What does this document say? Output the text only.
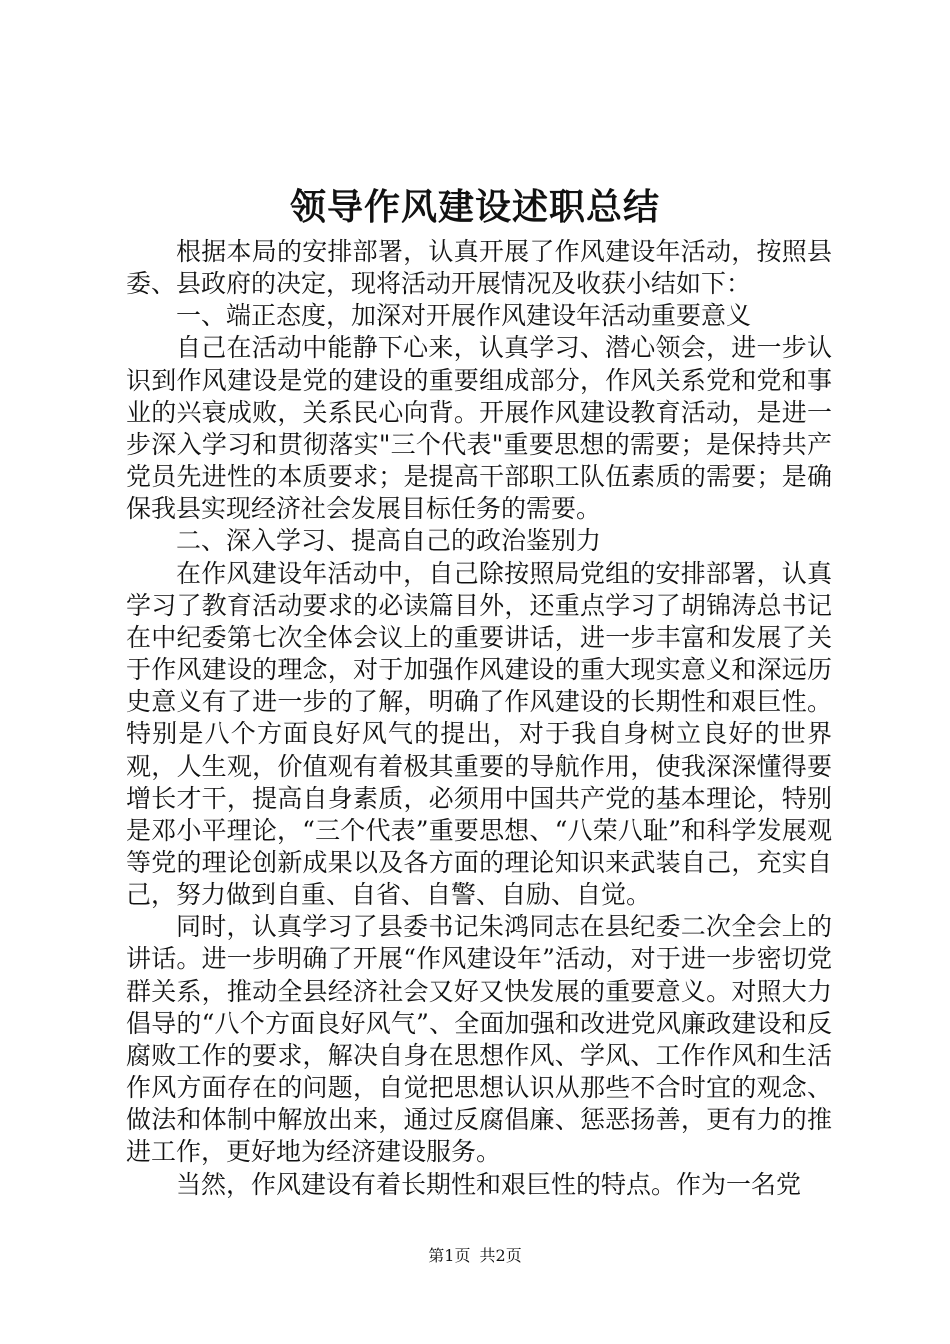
领导作风建设述职总结

根据本局的安排部署，认真开展了作风建设年活动，按照县委、县政府的决定，现将活动开展情况及收获小结如下：

一、端正态度，加深对开展作风建设年活动重要意义

自己在活动中能静下心来，认真学习、潜心领会，进一步认识到作风建设是党的建设的重要组成部分，作风关系党和党和事业的兴衰成败，关系民心向背。开展作风建设教育活动，是进一步深入学习和贯彻落实"三个代表"重要思想的需要；是保持共产党员先进性的本质要求；是提高干部职工队伍素质的需要；是确保我县实现经济社会发展目标任务的需要。

二、深入学习、提高自己的政治鉴别力

在作风建设年活动中，自己除按照局党组的安排部署，认真学习了教育活动要求的必读篇目外，还重点学习了胡锦涛总书记在中纪委第七次全体会议上的重要讲话，进一步丰富和发展了关于作风建设的理念，对于加强作风建设的重大现实意义和深远历史意义有了进一步的了解，明确了作风建设的长期性和艰巨性。特别是八个方面良好风气的提出，对于我自身树立良好的世界观，人生观，价值观有着极其重要的导航作用，使我深深懂得要增长才干，提高自身素质，必须用中国共产党的基本理论，特别是邓小平理论，“三个代表”重要思想、“八荣八耻”和科学发展观等党的理论创新成果以及各方面的理论知识来武装自己，充实自己，努力做到自重、自省、自警、自励、自觉。

同时，认真学习了县委书记朱鸿同志在县纪委二次全会上的讲话。进一步明确了开展“作风建设年”活动，对于进一步密切党群关系，推动全县经济社会又好又快发展的重要意义。对照大力倡导的“八个方面良好风气”、全面加强和改进党风廉政建设和反腐败工作的要求，解决自身在思想作风、学风、工作作风和生活作风方面存在的问题，自觉把思想认识从那些不合时宜的观念、做法和体制中解放出来，通过反腐倡廉、惩恶扬善，更有力的推进工作，更好地为经济建设服务。

当然，作风建设有着长期性和艰巨性的特点。作为一名党

第1页 共2页
